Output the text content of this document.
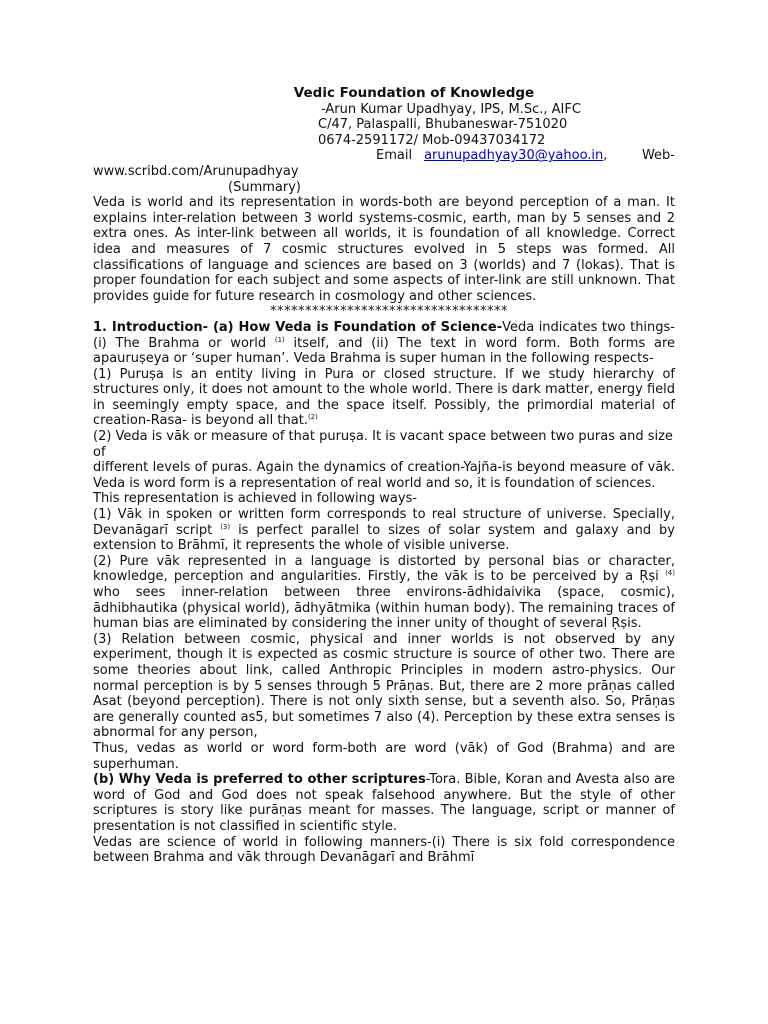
Vedic Foundation of Knowledge
-Arun Kumar Upadhyay, IPS, M.Sc., AIFC
C/47, Palaspalli, Bhubaneswar-751020
0674-2591172/ Mob-09437034172
Email arunupadhyay30@yahoo.in ,	Web-
www.scribd.com/Arunupadhyay
(Summary)
Veda is world and its representation in words-both are beyond perception of a man. It explains inter-relation between 3 world systems-cosmic, earth, man by 5 senses and 2 extra ones. As inter-link between all worlds, it is foundation of all knowledge. Correct idea and measures of 7 cosmic structures evolved in 5 steps was formed. All classifications of language and sciences are based on 3 (worlds) and 7 (lokas). That is proper foundation for each subject and some aspects of inter-link are still unknown. That provides guide for future research in cosmology and other sciences.
**********************************
1. Introduction- (a) How Veda is Foundation of Science-Veda indicates two things- (i) The Brahma or world $^{(1)}$ itself, and (ii) The text in word form. Both forms are apauruṣeya or ‘super human’. Veda Brahma is super human in the following respects-
(1) Puruṣa is an entity living in Pura or closed structure. If we study hierarchy of structures only, it does not amount to the whole world. There is dark matter, energy field in seemingly empty space, and the space itself. Possibly, the primordial material of creation-Rasa- is beyond all that.$^{(2)}$
(2) Veda is vāk or measure of that puruṣa. It is vacant space between two puras and size of
different levels of puras. Again the dynamics of creation-Yajña-is beyond measure of vāk. Veda is word form is a representation of real world and so, it is foundation of sciences.
This representation is achieved in following ways-
(1) Vāk in spoken or written form corresponds to real structure of universe. Specially, Devanāgarī script $^{(3)}$ is perfect parallel to sizes of solar system and galaxy and by extension to Brāhmī, it represents the whole of visible universe.
(2) Pure vāk represented in a language is distorted by personal bias or character, knowledge, perception and angularities. Firstly, the vāk is to be perceived by a Ṛṣi $^{(4)}$ who sees inner-relation between three environs-ādhidaivika (space, cosmic), ādhibhautika (physical world), ādhyātmika (within human body). The remaining traces of human bias are eliminated by considering the inner unity of thought of several Ṛṣis.
(3) Relation between cosmic, physical and inner worlds is not observed by any experiment, though it is expected as cosmic structure is source of other two. There are some theories about link, called Anthropic Principles in modern astro-physics. Our normal perception is by 5 senses through 5 Prāṇas. But, there are 2 more prāṇas called Asat (beyond perception). There is not only sixth sense, but a seventh also. So, Prāṇas are generally counted as5, but sometimes 7 also (4). Perception by these extra senses is abnormal for any person,
Thus, vedas as world or word form-both are word (vāk) of God (Brahma) and are superhuman.
(b) Why Veda is preferred to other scriptures-Tora. Bible, Koran and Avesta also are word of God and God does not speak falsehood anywhere. But the style of other scriptures is story like purāṇas meant for masses. The language, script or manner of presentation is not classified in scientific style.
Vedas are science of world in following manners-(i) There is six fold correspondence between Brahma and vāk through Devanāgarī and Brāhmī
